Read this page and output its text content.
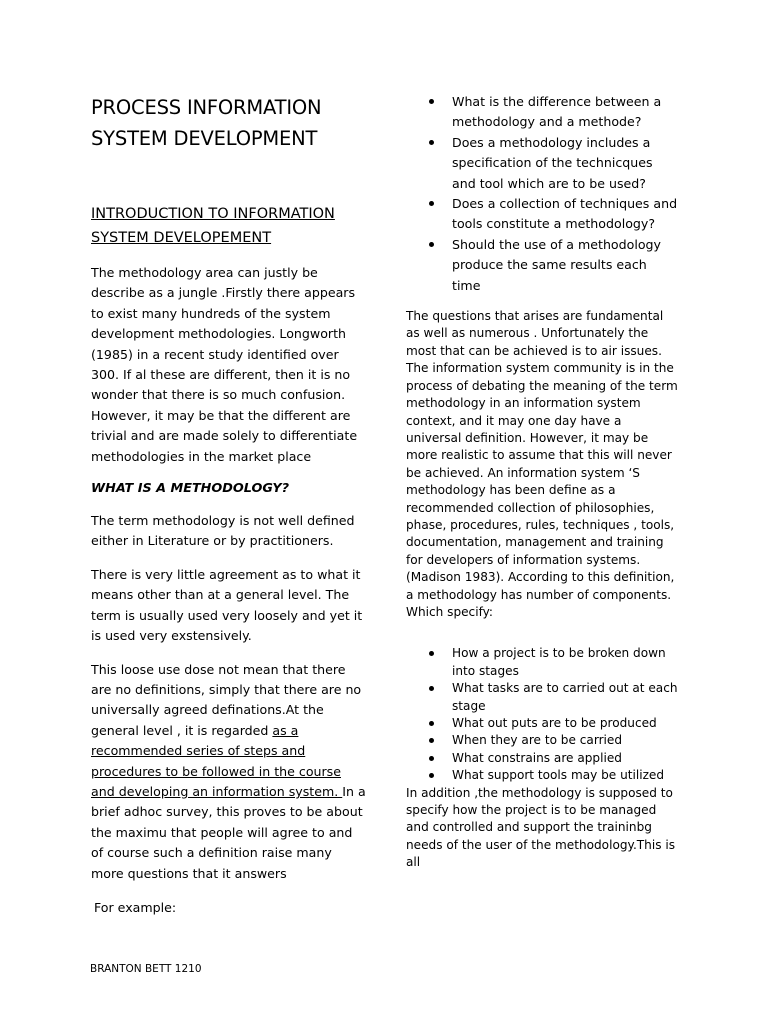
PROCESS INFORMATION SYSTEM DEVELOPMENT
INTRODUCTION TO INFORMATION SYSTEM DEVELOPEMENT

The methodology area can justly be describe as a jungle .Firstly there appears to exist many hundreds of the system development methodologies. Longworth (1985) in a recent study identified over 300. If al these are different, then it is no wonder that there is so much confusion. However, it may be that the different are trivial and are made solely to differentiate methodologies in the market place

WHAT IS A METHODOLOGY?

The term methodology is not well defined either in Literature or by practitioners.

There is very little agreement as to what it means other than at a general level. The term is usually used very loosely and yet it is used very exstensively.

This loose use dose not mean that there are no definitions, simply that there are no universally agreed definations.At the general level , it is regarded as a recommended series of steps and procedures to be followed in the course and developing an information system. In a brief adhoc survey, this proves to be about the maximu that people will agree to and of course such a definition raise many more questions that it answers

For example:

What is the difference between a methodology and a methode?
Does a methodology includes a specification of the technicques and tool which are to be used?
Does a collection of techniques and tools constitute a methodology?
Should the use of a methodology produce the same results each time

The questions that arises are fundamental as well as numerous . Unfortunately the most that can be achieved is to air issues. The information system community is in the process of debating the meaning of the term methodology in an information system context, and it may one day have a universal definition. However, it may be more realistic to assume that this will never be achieved. An information system ‘S methodology has been define as a recommended collection of philosophies, phase, procedures, rules, techniques , tools, documentation, management and training for developers of information systems. (Madison 1983). According to this definition, a methodology has number of components. Which specify:

How a project is to be broken down into stages
What tasks are to carried out at each stage
What out puts are to be produced
When they are to be carried
What constrains are applied
What support tools may be utilized

In addition ,the methodology is supposed to specify how the project is to be managed and controlled and support the traininbg needs of the user of the methodology.This is all

BRANTON BETT 1210
